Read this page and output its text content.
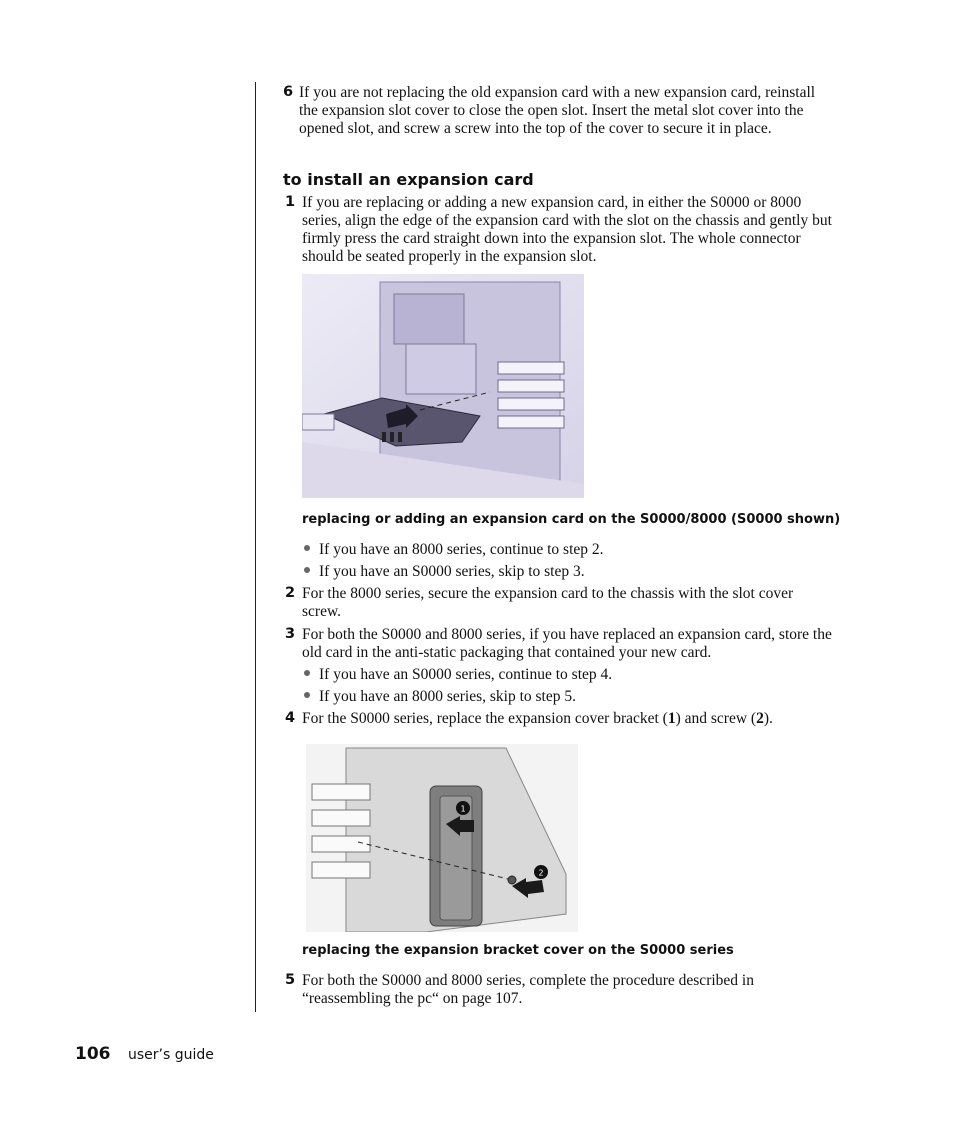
6 If you are not replacing the old expansion card with a new expansion card, reinstall the expansion slot cover to close the open slot. Insert the metal slot cover into the opened slot, and screw a screw into the top of the cover to secure it in place.
to install an expansion card
1 If you are replacing or adding a new expansion card, in either the S0000 or 8000 series, align the edge of the expansion card with the slot on the chassis and gently but firmly press the card straight down into the expansion slot. The whole connector should be seated properly in the expansion slot.
replacing or adding an expansion card on the S0000/8000 (S0000 shown)
If you have an 8000 series, continue to step 2.
If you have an S0000 series, skip to step 3.
2 For the 8000 series, secure the expansion card to the chassis with the slot cover screw.
3 For both the S0000 and 8000 series, if you have replaced an expansion card, store the old card in the anti-static packaging that contained your new card.
If you have an S0000 series, continue to step 4.
If you have an 8000 series, skip to step 5.
4 For the S0000 series, replace the expansion cover bracket (1) and screw (2).
1
2
replacing the expansion bracket cover on the S0000 series
5 For both the S0000 and 8000 series, complete the procedure described in “reassembling the pc“ on page 107.
106 user’s guide
